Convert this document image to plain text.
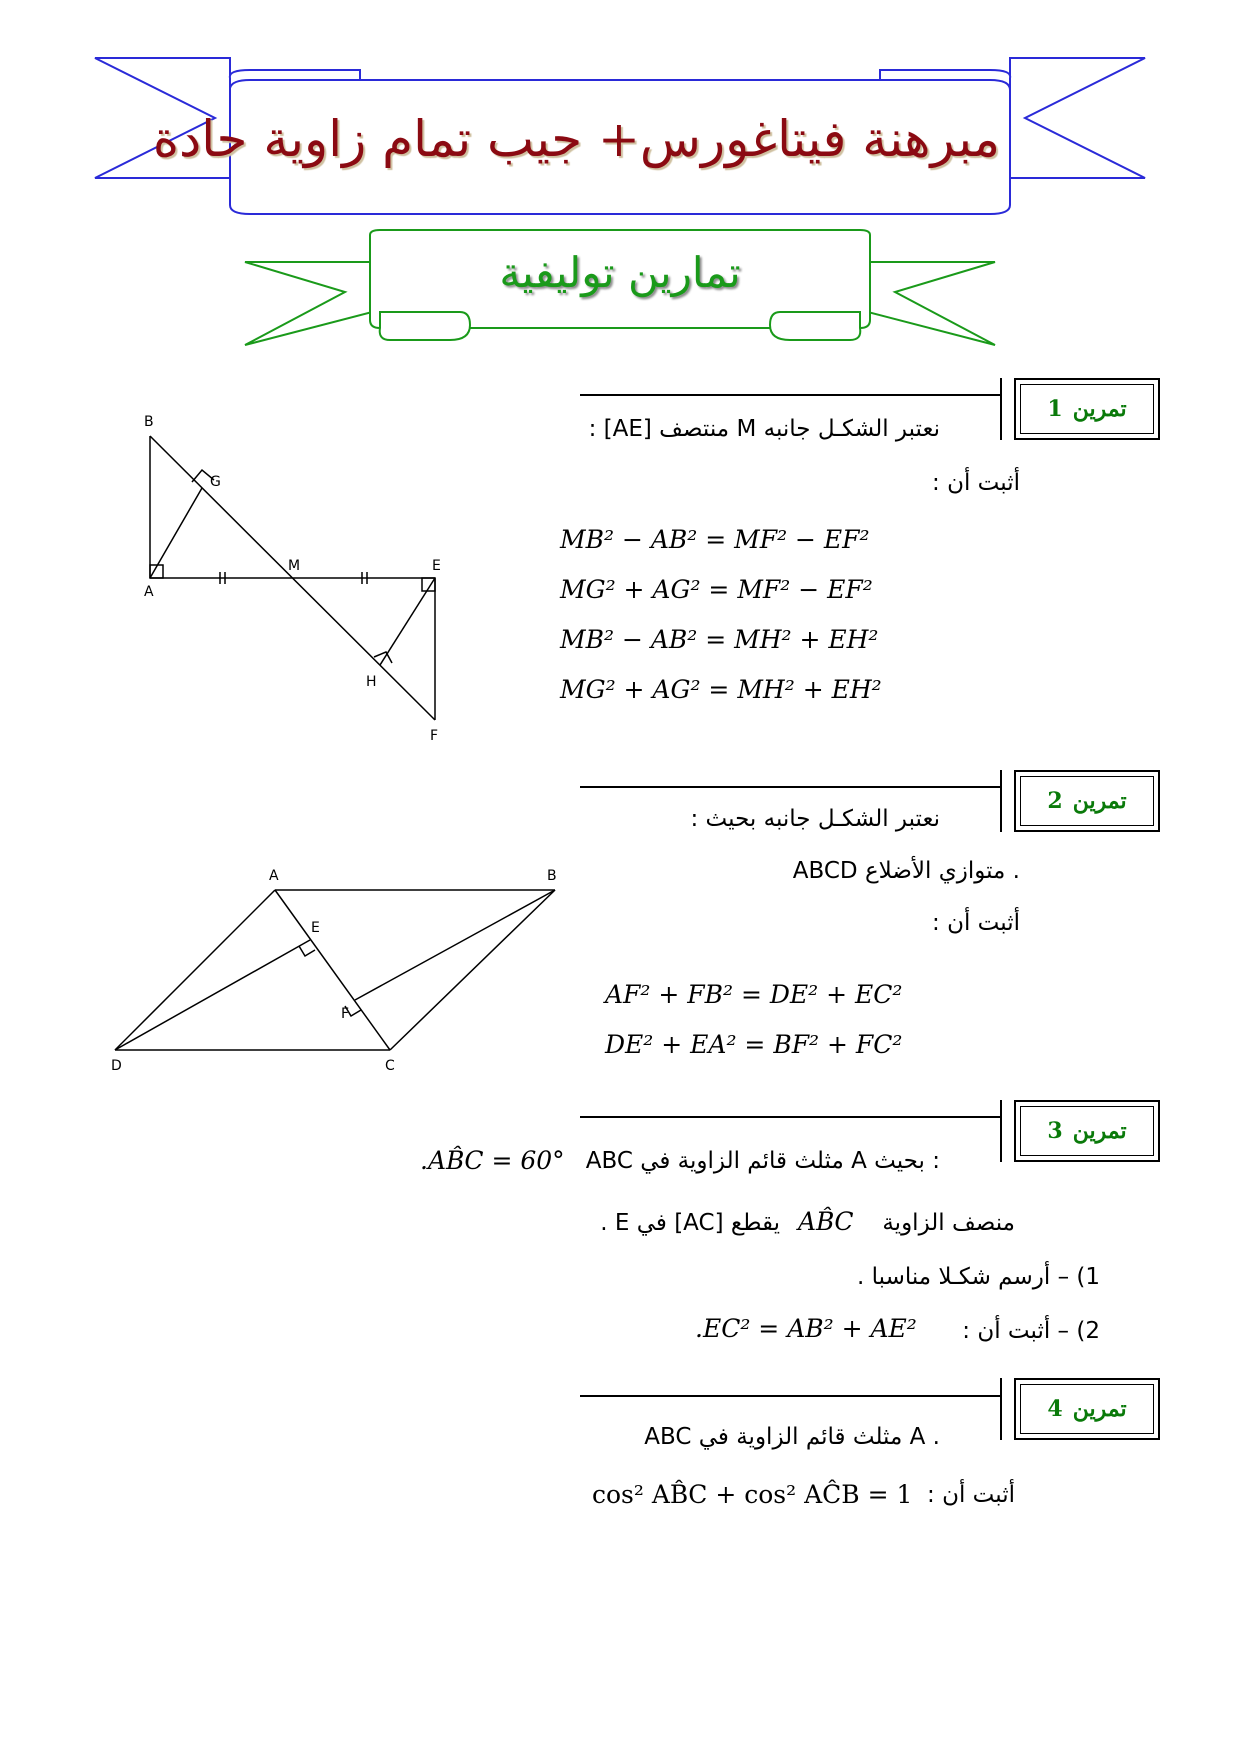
مبرهنة فيتاغورس+ جيب تمام زاوية حادة
تمارين توليفية
تمرين
1
نعتبر الشكـل جانبه M منتصف [AE] :
أثبت أن :
MB² − AB² = MF² − EF²
MG² + AG² = MF² − EF²
MB² − AB² = MH² + EH²
MG² + AG² = MH² + EH²
B
G
A
M	E
H
F
تمرين
2
نعتبر الشكـل جانبه بحيث :
ABCD متوازي الأضلاع .
أثبت أن :
AF² + FB² = DE² + EC²
DE² + EA² = BF² + FC²
A	B
E
F
D	C
تمرين
3
ABC مثلث قائم الزاوية في A بحيث :
.AB̂C = 60°
منصف الزاوية
AB̂C
يقطع [AC] في E .
1) – أرسم شكـلا مناسبا .
2) – أثبت أن :
.EC² = AB² + AE²
تمرين
4
ABC مثلث قائم الزاوية في A .
أثبت أن :
cos² AB̂C + cos² AĈB = 1
